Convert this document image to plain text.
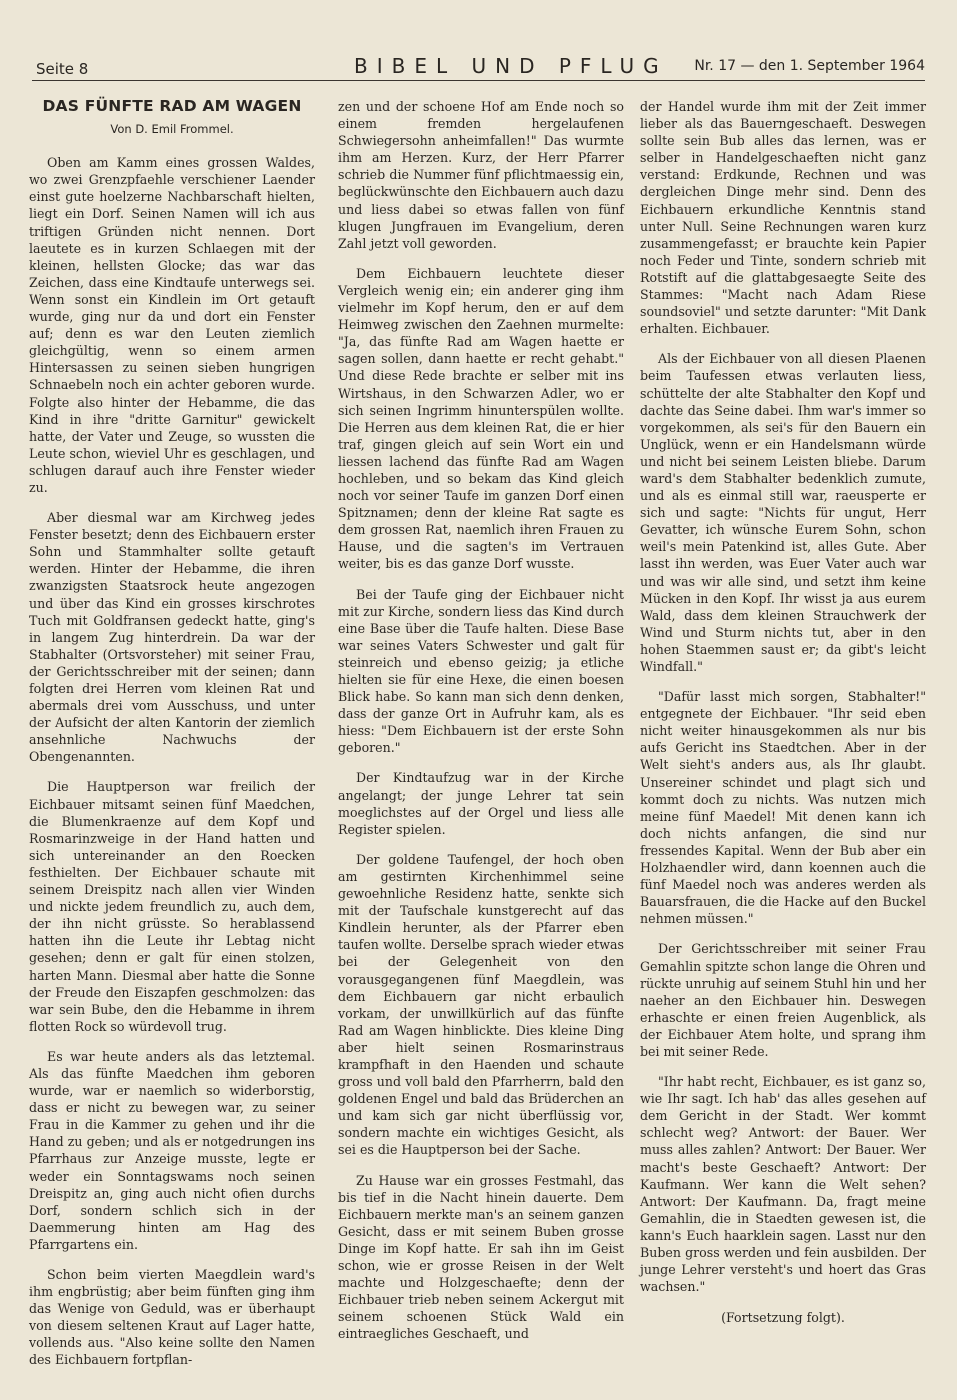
Seite 8	BIBEL UND PFLUG Nr. 17 — den 1. September 1964
DAS FÜNFTE RAD AM WAGEN
Von D. Emil Frommel.

Oben am Kamm eines grossen Waldes, wo zwei Grenzpfaehle verschiener Laender einst gute hoelzerne Nachbarschaft hielten, liegt ein Dorf. Seinen Namen will ich aus triftigen Gründen nicht nennen. Dort laeutete es in kurzen Schlaegen mit der kleinen, hellsten Glocke; das war das Zeichen, dass eine Kindtaufe unterwegs sei. Wenn sonst ein Kindlein im Ort getauft wurde, ging nur da und dort ein Fenster auf; denn es war den Leuten ziemlich gleichgültig, wenn so einem armen Hintersassen zu seinen sieben hungrigen Schnaebeln noch ein achter geboren wurde. Folgte also hinter der Hebamme, die das Kind in ihre "dritte Garnitur" gewickelt hatte, der Vater und Zeuge, so wussten die Leute schon, wieviel Uhr es geschlagen, und schlugen darauf auch ihre Fenster wieder zu.

Aber diesmal war am Kirchweg jedes Fenster besetzt; denn des Eichbauern erster Sohn und Stammhalter sollte getauft werden. Hinter der Hebamme, die ihren zwanzigsten Staatsrock heute angezogen und über das Kind ein grosses kirschrotes Tuch mit Goldfransen gedeckt hatte, ging's in langem Zug hinterdrein. Da war der Stabhalter (Ortsvorsteher) mit seiner Frau, der Gerichtsschreiber mit der seinen; dann folgten drei Herren vom kleinen Rat und abermals drei vom Ausschuss, und unter der Aufsicht der alten Kantorin der ziemlich ansehnliche Nachwuchs der Obengenannten.

Die Hauptperson war freilich der Eichbauer mitsamt seinen fünf Maedchen, die Blumenkraenze auf dem Kopf und Rosmarinzweige in der Hand hatten und sich untereinander an den Roecken festhielten. Der Eichbauer schaute mit seinem Dreispitz nach allen vier Winden und nickte jedem freundlich zu, auch dem, der ihn nicht grüsste. So herablassend hatten ihn die Leute ihr Lebtag nicht gesehen; denn er galt für einen stolzen, harten Mann. Diesmal aber hatte die Sonne der Freude den Eiszapfen geschmolzen: das war sein Bube, den die Hebamme in ihrem flotten Rock so würdevoll trug.

Es war heute anders als das letztemal. Als das fünfte Maedchen ihm geboren wurde, war er naemlich so widerborstig, dass er nicht zu bewegen war, zu seiner Frau in die Kammer zu gehen und ihr die Hand zu geben; und als er notgedrungen ins Pfarrhaus zur Anzeige musste, legte er weder ein Sonntagswams noch seinen Dreispitz an, ging auch nicht ofien durchs Dorf, sondern schlich sich in der Daemmerung hinten am Hag des Pfarrgartens ein.

Schon beim vierten Maegdlein ward's ihm engbrüstig; aber beim fünften ging ihm das Wenige von Geduld, was er überhaupt von diesem seltenen Kraut auf Lager hatte, vollends aus. "Also keine sollte den Namen des Eichbauern fortpflan-

zen und der schoene Hof am Ende noch so einem fremden hergelaufenen Schwiegersohn anheimfallen!" Das wurmte ihm am Herzen. Kurz, der Herr Pfarrer schrieb die Nummer fünf pflichtmaessig ein, beglückwünschte den Eichbauern auch dazu und liess dabei so etwas fallen von fünf klugen Jungfrauen im Evangelium, deren Zahl jetzt voll geworden.

Dem Eichbauern leuchtete dieser Vergleich wenig ein; ein anderer ging ihm vielmehr im Kopf herum, den er auf dem Heimweg zwischen den Zaehnen murmelte: "Ja, das fünfte Rad am Wagen haette er sagen sollen, dann haette er recht gehabt." Und diese Rede brachte er selber mit ins Wirtshaus, in den Schwarzen Adler, wo er sich seinen Ingrimm hinunterspülen wollte. Die Herren aus dem kleinen Rat, die er hier traf, gingen gleich auf sein Wort ein und liessen lachend das fünfte Rad am Wagen hochleben, und so bekam das Kind gleich noch vor seiner Taufe im ganzen Dorf einen Spitznamen; denn der kleine Rat sagte es dem grossen Rat, naemlich ihren Frauen zu Hause, und die sagten's im Vertrauen weiter, bis es das ganze Dorf wusste.

Bei der Taufe ging der Eichbauer nicht mit zur Kirche, sondern liess das Kind durch eine Base über die Taufe halten. Diese Base war seines Vaters Schwester und galt für steinreich und ebenso geizig; ja etliche hielten sie für eine Hexe, die einen boesen Blick habe. So kann man sich denn denken, dass der ganze Ort in Aufruhr kam, als es hiess: "Dem Eichbauern ist der erste Sohn geboren."

Der Kindtaufzug war in der Kirche angelangt; der junge Lehrer tat sein moeglichstes auf der Orgel und liess alle Register spielen.

Der goldene Taufengel, der hoch oben am gestirnten Kirchenhimmel seine gewoehnliche Residenz hatte, senkte sich mit der Taufschale kunstgerecht auf das Kindlein herunter, als der Pfarrer eben taufen wollte. Derselbe sprach wieder etwas bei der Gelegenheit von den vorausgegangenen fünf Maegdlein, was dem Eichbauern gar nicht erbaulich vorkam, der unwillkürlich auf das fünfte Rad am Wagen hinblickte. Dies kleine Ding aber hielt seinen Rosmarinstraus krampfhaft in den Haenden und schaute gross und voll bald den Pfarrherrn, bald den goldenen Engel und bald das Brüderchen an und kam sich gar nicht überflüssig vor, sondern machte ein wichtiges Gesicht, als sei es die Hauptperson bei der Sache.

Zu Hause war ein grosses Festmahl, das bis tief in die Nacht hinein dauerte. Dem Eichbauern merkte man's an seinem ganzen Gesicht, dass er mit seinem Buben grosse Dinge im Kopf hatte. Er sah ihn im Geist schon, wie er grosse Reisen in der Welt machte und Holzgeschaefte; denn der Eichbauer trieb neben seinem Ackergut mit seinem schoenen Stück Wald ein eintraegliches Geschaeft, und

der Handel wurde ihm mit der Zeit immer lieber als das Bauerngeschaeft. Deswegen sollte sein Bub alles das lernen, was er selber in Handelgeschaeften nicht ganz verstand: Erdkunde, Rechnen und was dergleichen Dinge mehr sind. Denn des Eichbauern erkundliche Kenntnis stand unter Null. Seine Rechnungen waren kurz zusammengefasst; er brauchte kein Papier noch Feder und Tinte, sondern schrieb mit Rotstift auf die glattabgesaegte Seite des Stammes: "Macht nach Adam Riese soundsoviel" und setzte darunter: "Mit Dank erhalten. Eichbauer.

Als der Eichbauer von all diesen Plaenen beim Taufessen etwas verlauten liess, schüttelte der alte Stabhalter den Kopf und dachte das Seine dabei. Ihm war's immer so vorgekommen, als sei's für den Bauern ein Unglück, wenn er ein Handelsmann würde und nicht bei seinem Leisten bliebe. Darum ward's dem Stabhalter bedenklich zumute, und als es einmal still war, raeusperte er sich und sagte: "Nichts für ungut, Herr Gevatter, ich wünsche Eurem Sohn, schon weil's mein Patenkind ist, alles Gute. Aber lasst ihn werden, was Euer Vater auch war und was wir alle sind, und setzt ihm keine Mücken in den Kopf. Ihr wisst ja aus eurem Wald, dass dem kleinen Strauchwerk der Wind und Sturm nichts tut, aber in den hohen Staemmen saust er; da gibt's leicht Windfall."

"Dafür lasst mich sorgen, Stabhalter!" entgegnete der Eichbauer. "Ihr seid eben nicht weiter hinausgekommen als nur bis aufs Gericht ins Staedtchen. Aber in der Welt sieht's anders aus, als Ihr glaubt. Unsereiner schindet und plagt sich und kommt doch zu nichts. Was nutzen mich meine fünf Maedel! Mit denen kann ich doch nichts anfangen, die sind nur fressendes Kapital. Wenn der Bub aber ein Holzhaendler wird, dann koennen auch die fünf Maedel noch was anderes werden als Bauarsfrauen, die die Hacke auf den Buckel nehmen müssen."

Der Gerichtsschreiber mit seiner Frau Gemahlin spitzte schon lange die Ohren und rückte unruhig auf seinem Stuhl hin und her naeher an den Eichbauer hin. Deswegen erhaschte er einen freien Augenblick, als der Eichbauer Atem holte, und sprang ihm bei mit seiner Rede.

"Ihr habt recht, Eichbauer, es ist ganz so, wie Ihr sagt. Ich hab' das alles gesehen auf dem Gericht in der Stadt. Wer kommt schlecht weg? Antwort: der Bauer. Wer muss alles zahlen? Antwort: Der Bauer. Wer macht's beste Geschaeft? Antwort: Der Kaufmann. Wer kann die Welt sehen? Antwort: Der Kaufmann. Da, fragt meine Gemahlin, die in Staedten gewesen ist, die kann's Euch haarklein sagen. Lasst nur den Buben gross werden und fein ausbilden. Der junge Lehrer versteht's und hoert das Gras wachsen."

(Fortsetzung folgt).
